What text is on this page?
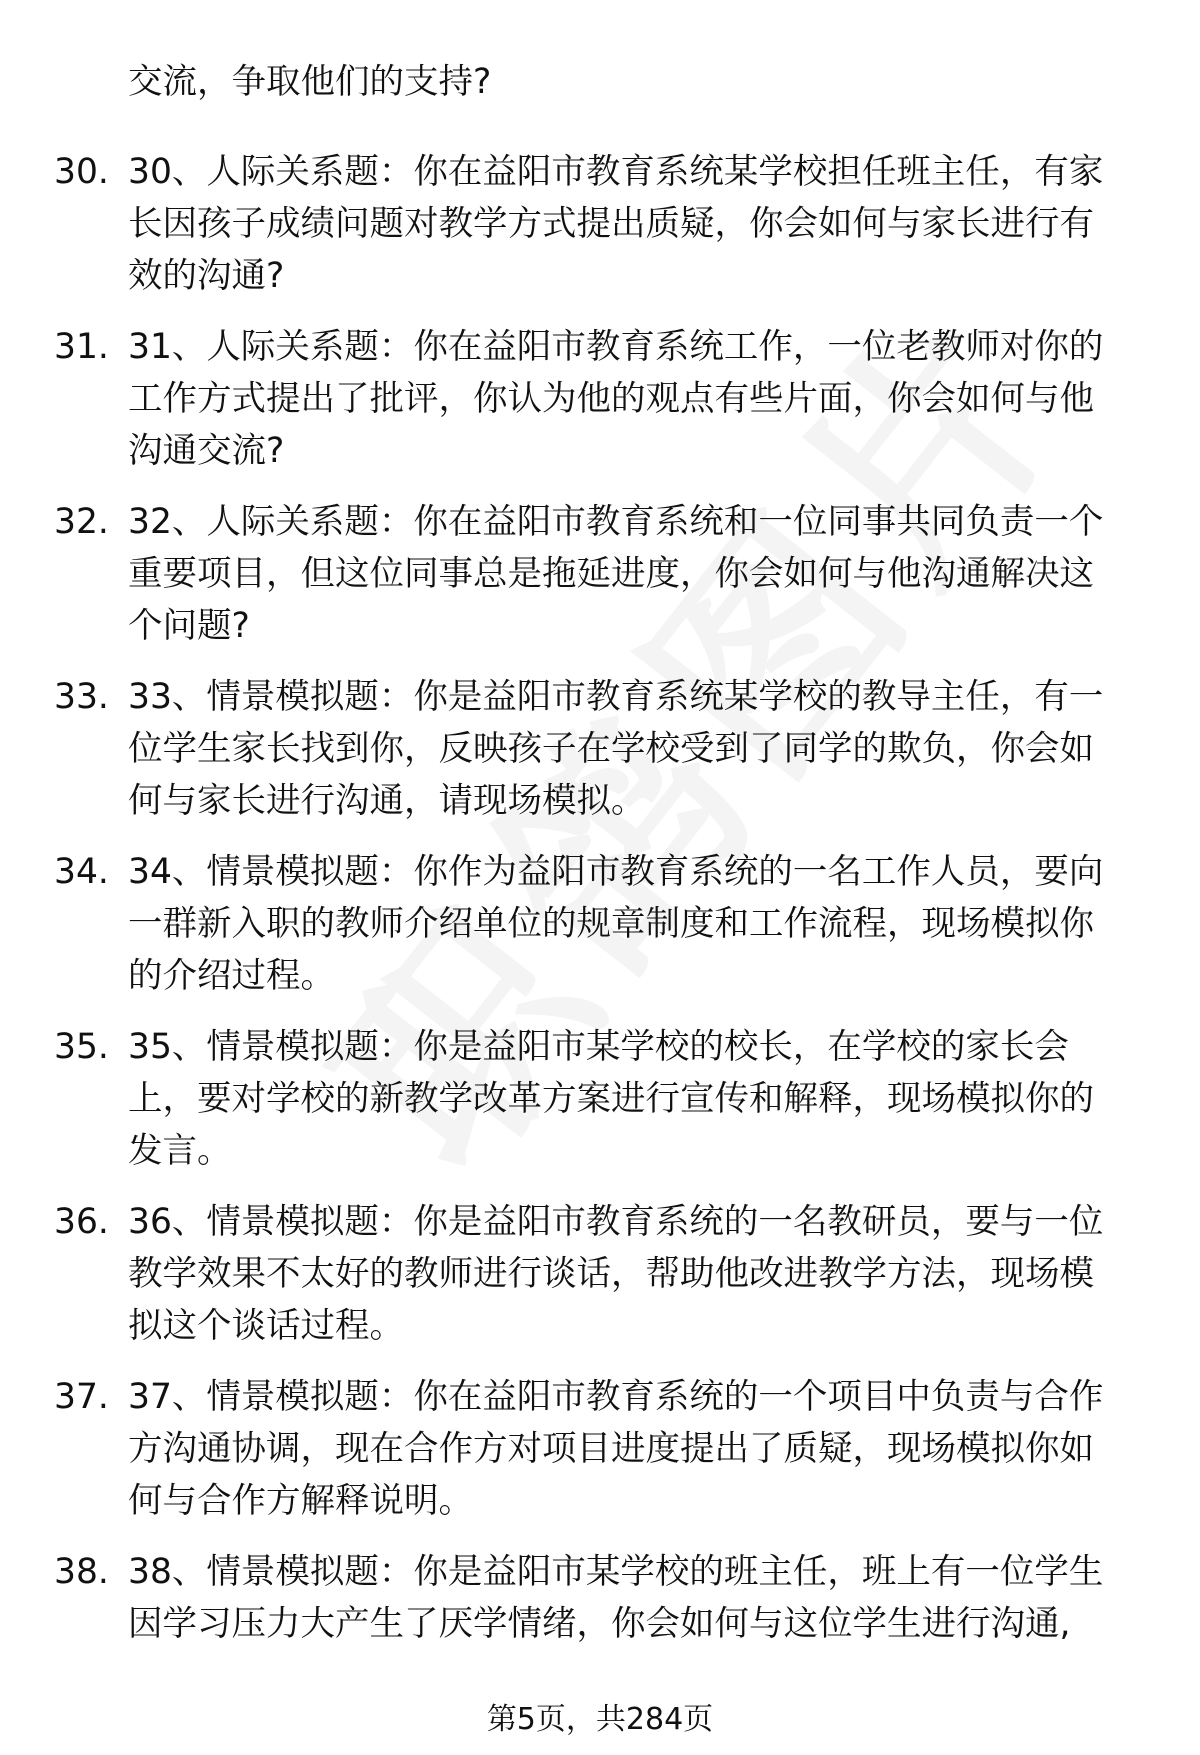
交流，争取他们的支持?
30. 30、人际关系题：你在益阳市教育系统某学校担任班主任，有家
长因孩子成绩问题对教学方式提出质疑，你会如何与家长进行有
效的沟通?
31. 31、人际关系题：你在益阳市教育系统工作，一位老教师对你的
工作方式提出了批评，你认为他的观点有些片面，你会如何与他
沟通交流?
32. 32、人际关系题：你在益阳市教育系统和一位同事共同负责一个
重要项目，但这位同事总是拖延进度，你会如何与他沟通解决这
个问题?
33. 33、情景模拟题：你是益阳市教育系统某学校的教导主任，有一
位学生家长找到你，反映孩子在学校受到了同学的欺负，你会如
何与家长进行沟通，请现场模拟。
34. 34、情景模拟题：你作为益阳市教育系统的一名工作人员，要向
一群新入职的教师介绍单位的规章制度和工作流程，现场模拟你
的介绍过程。
35. 35、情景模拟题：你是益阳市某学校的校长，在学校的家长会
上，要对学校的新教学改革方案进行宣传和解释，现场模拟你的
发言。
36. 36、情景模拟题：你是益阳市教育系统的一名教研员，要与一位
教学效果不太好的教师进行谈话，帮助他改进教学方法，现场模
拟这个谈话过程。
37. 37、情景模拟题：你在益阳市教育系统的一个项目中负责与合作
方沟通协调，现在合作方对项目进度提出了质疑，现场模拟你如
何与合作方解释说明。
38. 38、情景模拟题：你是益阳市某学校的班主任，班上有一位学生
因学习压力大产生了厌学情绪，你会如何与这位学生进行沟通,
第5页，共284页
